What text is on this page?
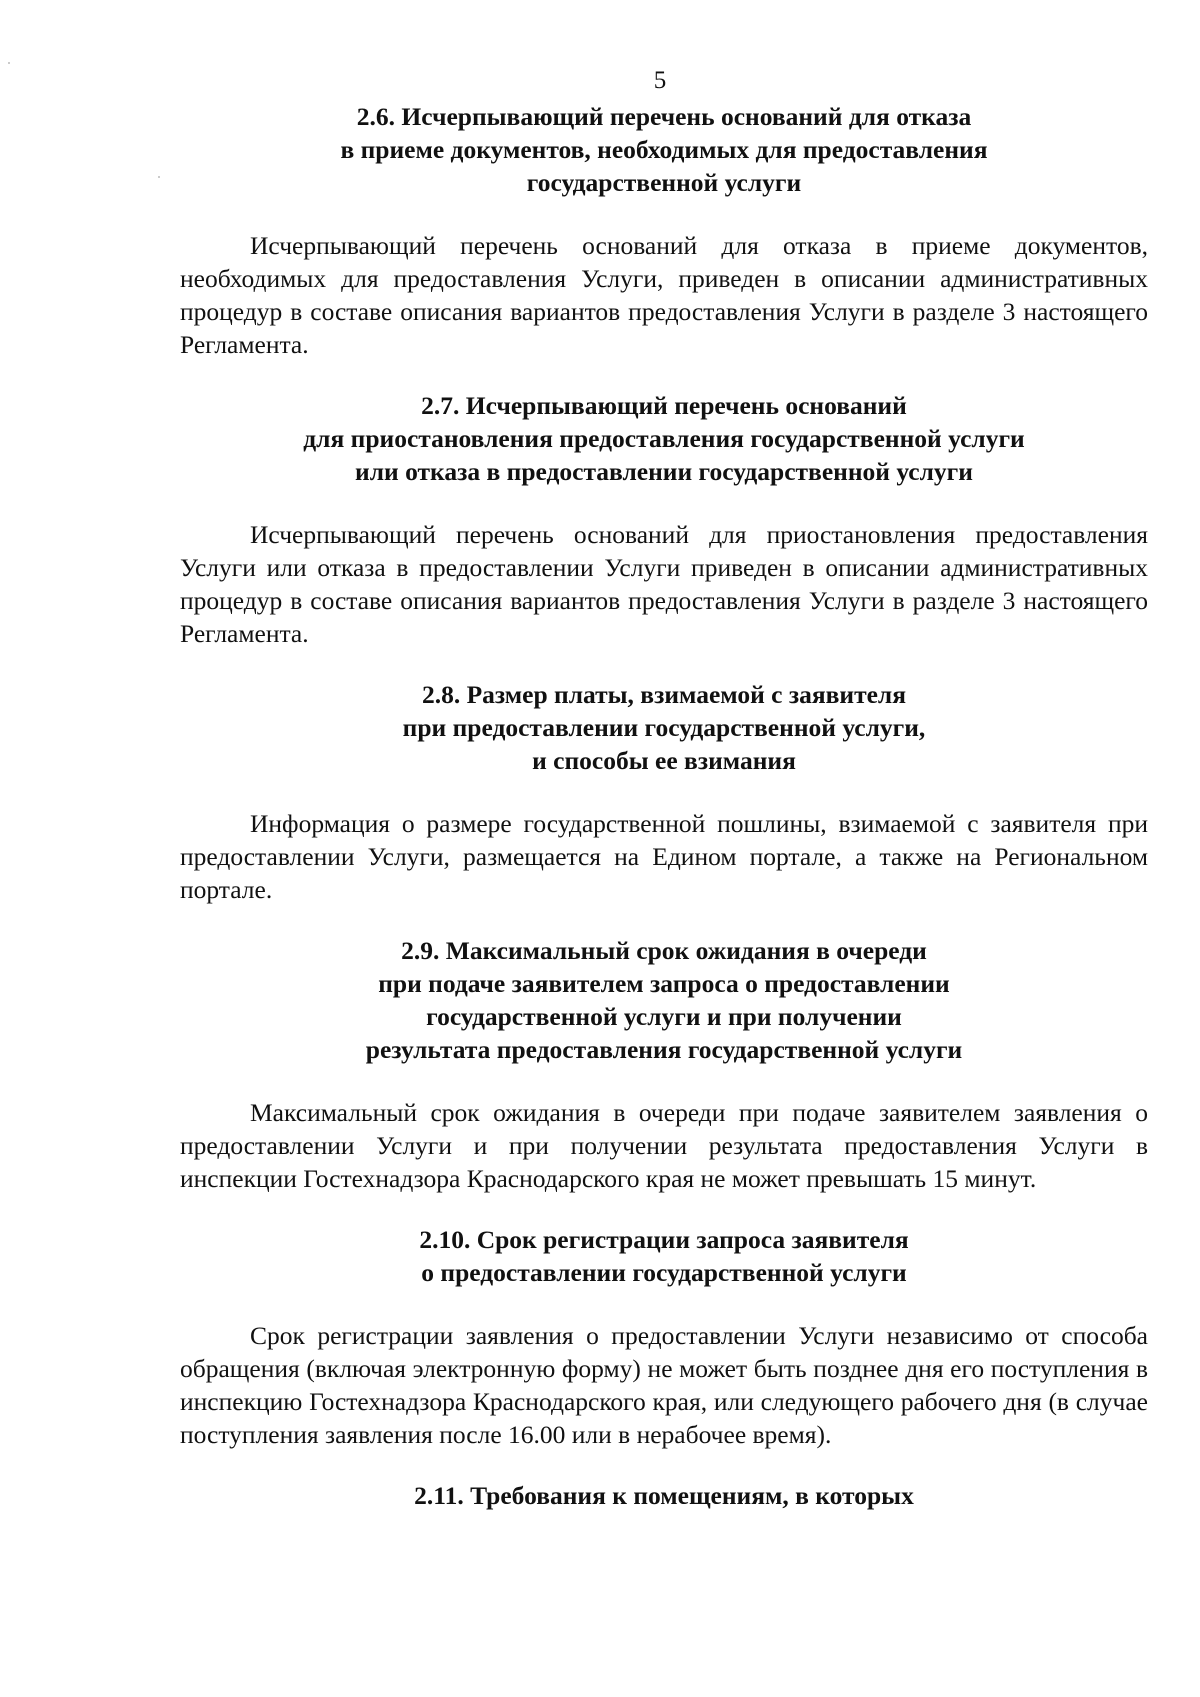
5

2.6. Исчерпывающий перечень оснований для отказа
в приеме документов, необходимых для предоставления
государственной услуги

Исчерпывающий перечень оснований для отказа в приеме документов, необходимых для предоставления Услуги, приведен в описании административных процедур в составе описания вариантов предоставления Услуги в разделе 3 настоящего Регламента.

2.7. Исчерпывающий перечень оснований
для приостановления предоставления государственной услуги
или отказа в предоставлении государственной услуги

Исчерпывающий перечень оснований для приостановления предоставления Услуги или отказа в предоставлении Услуги приведен в описании административных процедур в составе описания вариантов предоставления Услуги в разделе 3 настоящего Регламента.

2.8. Размер платы, взимаемой с заявителя
при предоставлении государственной услуги,
и способы ее взимания

Информация о размере государственной пошлины, взимаемой с заявителя при предоставлении Услуги, размещается на Едином портале, а также на Региональном портале.

2.9. Максимальный срок ожидания в очереди
при подаче заявителем запроса о предоставлении
государственной услуги и при получении
результата предоставления государственной услуги

Максимальный срок ожидания в очереди при подаче заявителем заявления о предоставлении Услуги и при получении результата предоставления Услуги в инспекции Гостехнадзора Краснодарского края не может превышать 15 минут.

2.10. Срок регистрации запроса заявителя
о предоставлении государственной услуги

Срок регистрации заявления о предоставлении Услуги независимо от способа обращения (включая электронную форму) не может быть позднее дня его поступления в инспекцию Гостехнадзора Краснодарского края, или следующего рабочего дня (в случае поступления заявления после 16.00 или в нерабочее время).

2.11. Требования к помещениям, в которых
